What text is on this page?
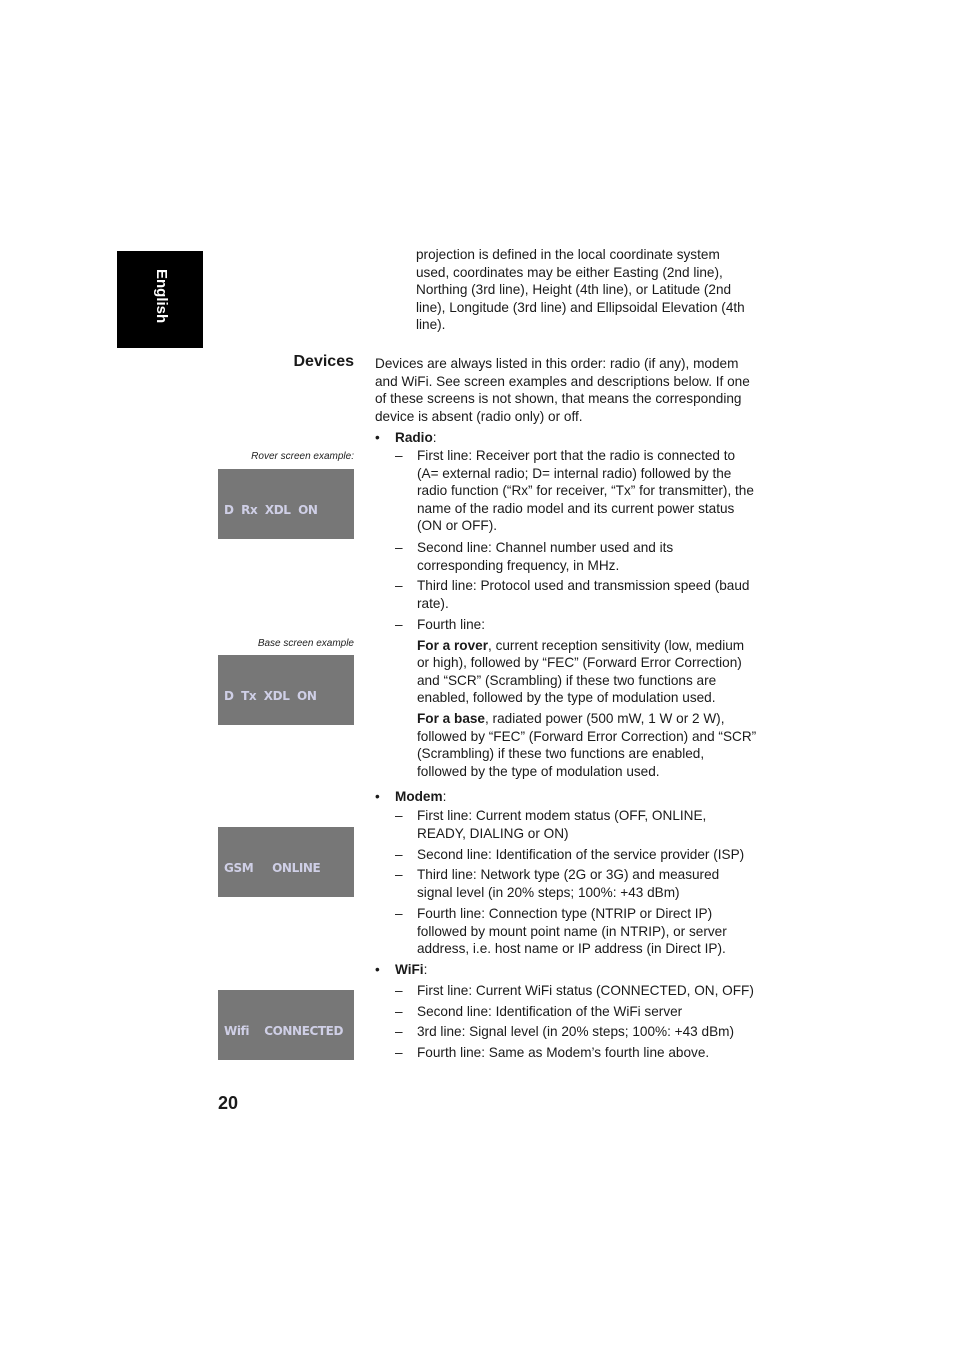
English
projection is defined in the local coordinate system used, coordinates may be either Easting (2nd line), Northing (3rd line), Height (4th line), or Latitude (2nd line), Longitude (3rd line) and Ellipsoidal Elevation (4th line).
Devices Devices are always listed in this order: radio (if any), modem and WiFi. See screen examples and descriptions below. If one of these screens is not shown, that means the corresponding device is absent (radio only) or off.
Rover screen example:

D  Rx  XDL  ON

Base screen example

D  Tx  XDL  ON

GSM     ONLINE

Wifi    CONNECTED

• Radio:
–	First line: Receiver port that the radio is connected to (A= external radio; D= internal radio) followed by the radio function (“Rx” for receiver, “Tx” for transmitter), the name of the radio model and its current power status (ON or OFF).
–	Second line: Channel number used and its corresponding frequency, in MHz.
–	Third line: Protocol used and transmission speed (baud rate).
–	Fourth line:

For a rover, current reception sensitivity (low, medium or high), followed by “FEC” (Forward Error Correction) and “SCR” (Scrambling) if these two functions are enabled, followed by the type of modulation used.

For a base, radiated power (500 mW, 1 W or 2 W), followed by “FEC” (Forward Error Correction) and “SCR” (Scrambling) if these two functions are enabled, followed by the type of modulation used.

• Modem:
–	First line: Current modem status (OFF, ONLINE, READY, DIALING or ON)
–	Second line: Identification of the service provider (ISP)
–	Third line: Network type (2G or 3G) and measured signal level (in 20% steps; 100%: +43 dBm)
–	Fourth line: Connection type (NTRIP or Direct IP) followed by mount point name (in NTRIP), or server address, i.e. host name or IP address (in Direct IP).
• WiFi:
–	First line: Current WiFi status (CONNECTED, ON, OFF)
–	Second line: Identification of the WiFi server
–	3rd line: Signal level (in 20% steps; 100%: +43 dBm)
–	Fourth line: Same as Modem’s fourth line above.
20
